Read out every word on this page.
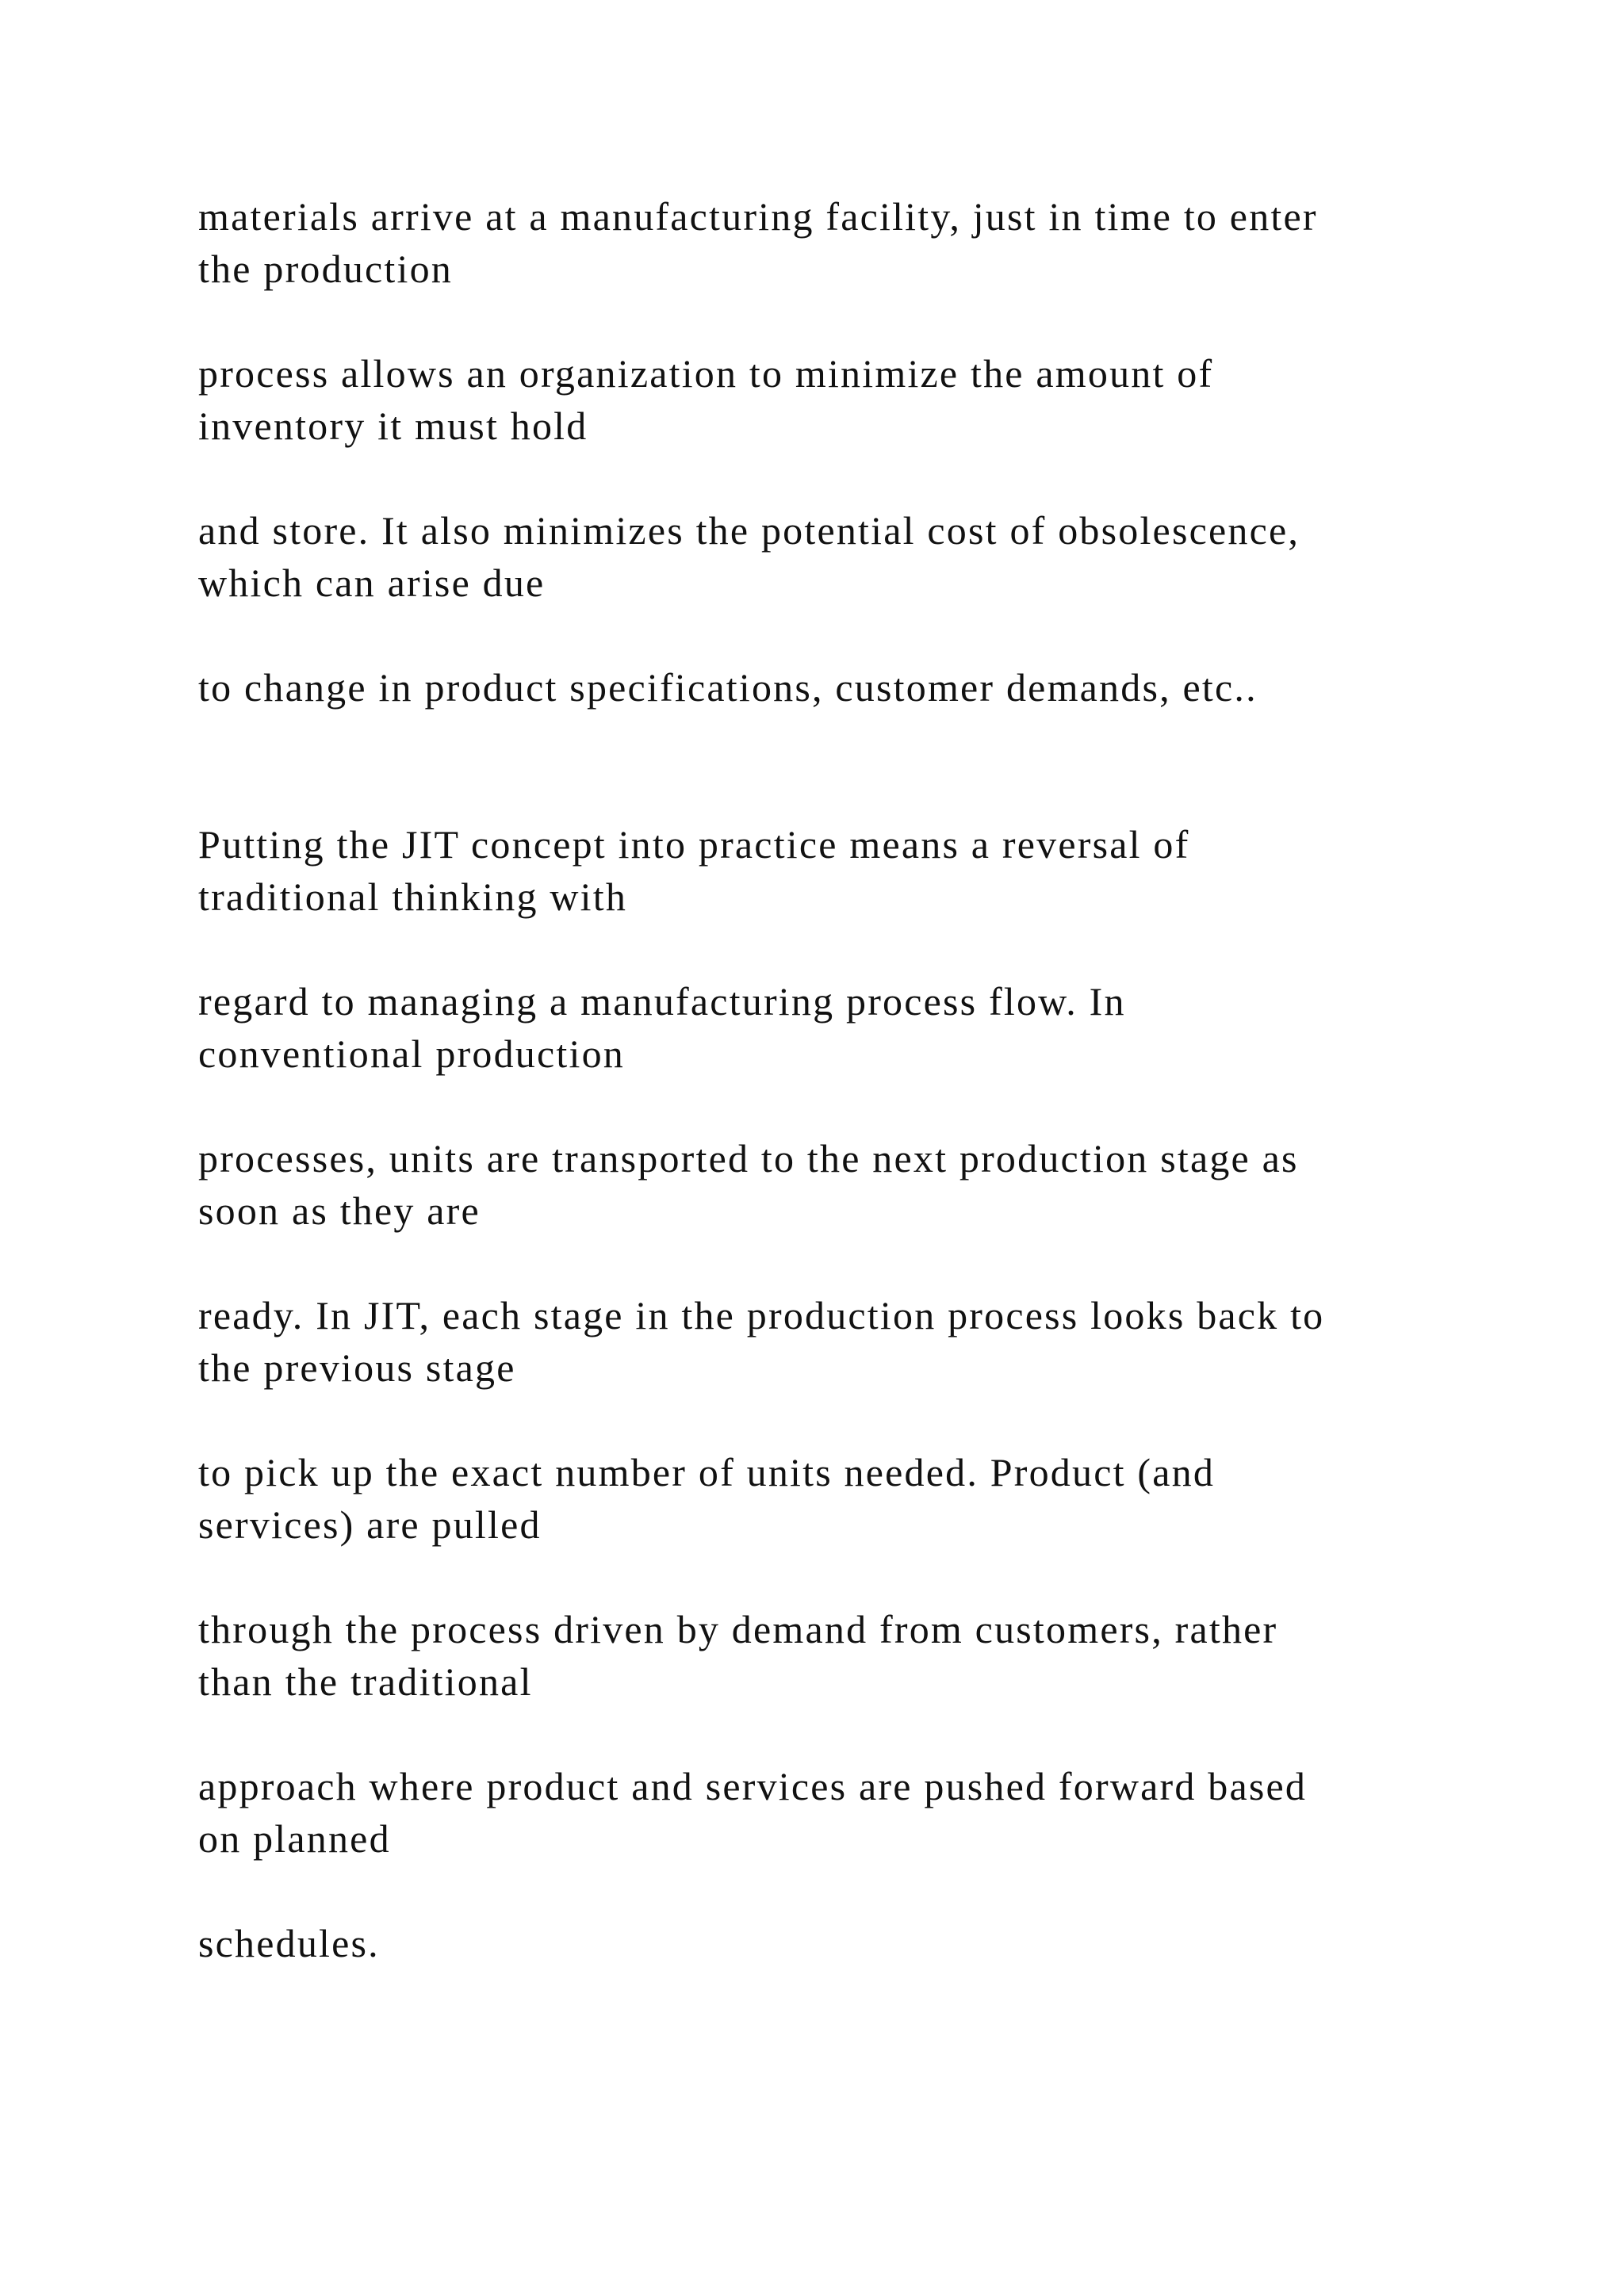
materials arrive at a manufacturing facility, just in time to enter
the production

process allows an organization to minimize the amount of
inventory it must hold

and store. It also minimizes the potential cost of obsolescence,
which can arise due

to change in product specifications, customer demands, etc..

Putting the JIT concept into practice means a reversal of
traditional thinking with

regard to managing a manufacturing process flow. In
conventional production

processes, units are transported to the next production stage as
soon as they are

ready. In JIT, each stage in the production process looks back to
the previous stage

to pick up the exact number of units needed. Product (and
services) are pulled

through the process driven by demand from customers, rather
than the traditional

approach where product and services are pushed forward based
on planned

schedules.
